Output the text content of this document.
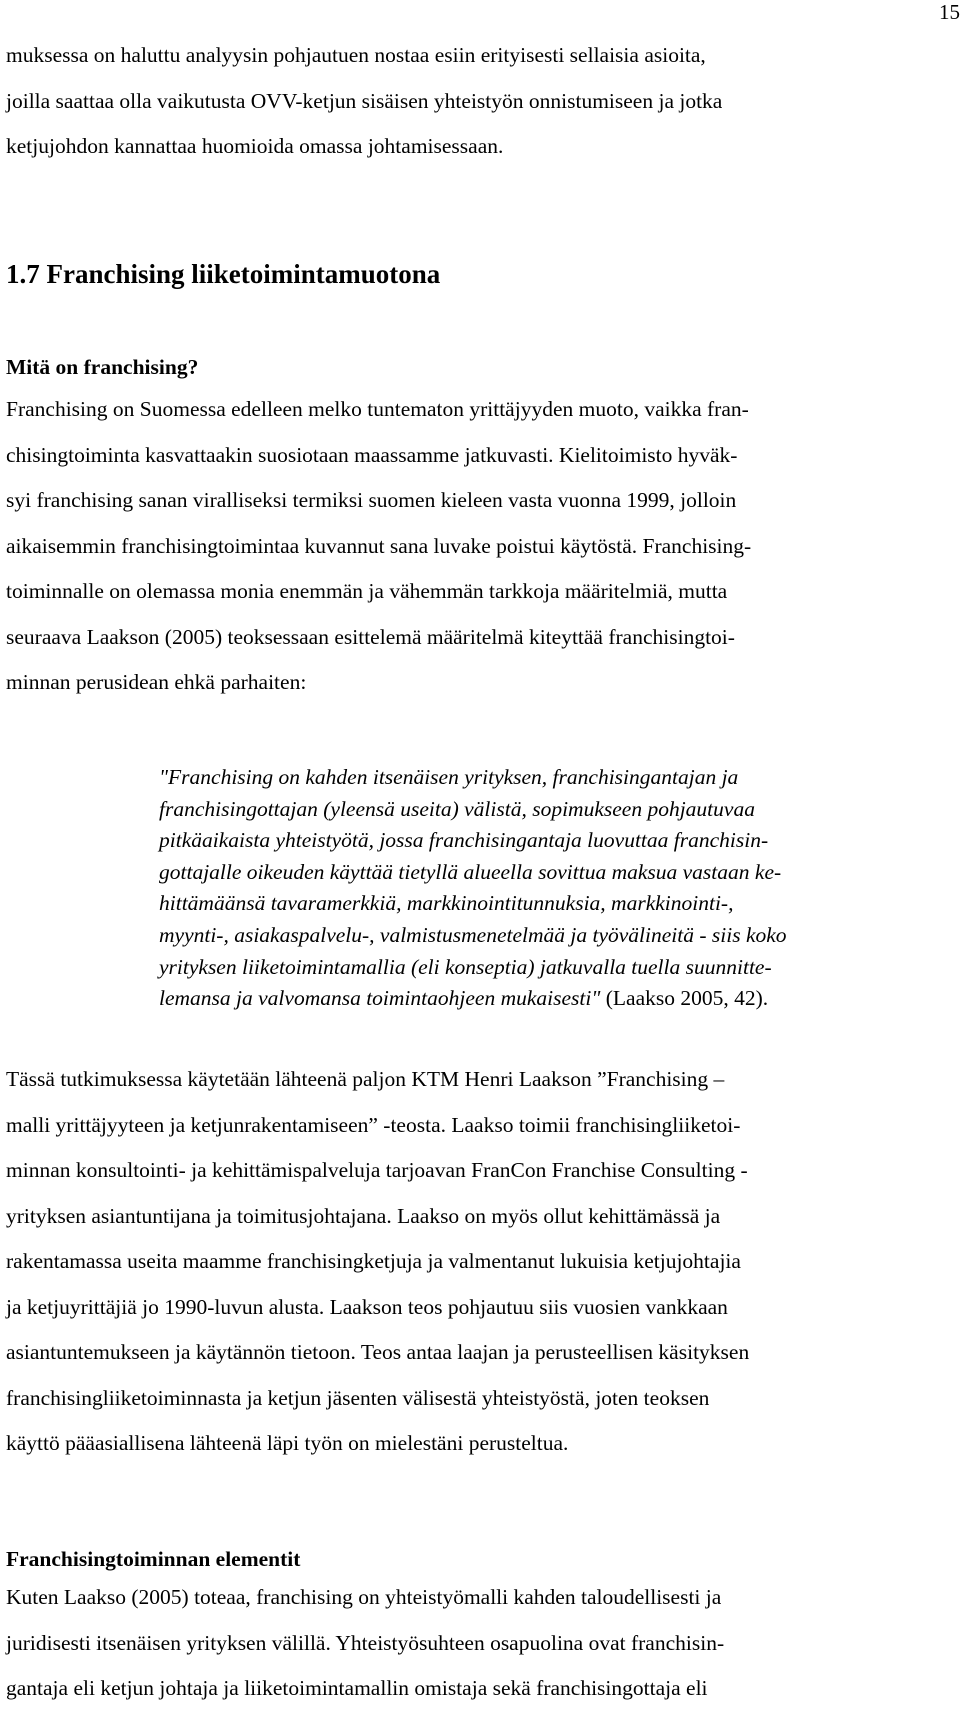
15

muksessa on haluttu analyysin pohjautuen nostaa esiin erityisesti sellaisia asioita,
joilla saattaa olla vaikutusta OVV-ketjun sisäisen yhteistyön onnistumiseen ja jotka
ketjujohdon kannattaa huomioida omassa johtamisessaan.

1.7 Franchising liiketoimintamuotona
Mitä on franchising?

Franchising on Suomessa edelleen melko tuntematon yrittäjyyden muoto, vaikka fran-
chisingtoiminta kasvattaakin suosiotaan maassamme jatkuvasti. Kielitoimisto hyväk-
syi franchising sanan viralliseksi termiksi suomen kieleen vasta vuonna 1999, jolloin
aikaisemmin franchisingtoimintaa kuvannut sana luvake poistui käytöstä. Franchising-
toiminnalle on olemassa monia enemmän ja vähemmän tarkkoja määritelmiä, mutta
seuraava Laakson (2005) teoksessaan esittelemä määritelmä kiteyttää franchisingtoi-
minnan perusidean ehkä parhaiten:

"Franchising on kahden itsenäisen yrityksen, franchisingantajan ja
franchisingottajan (yleensä useita) välistä, sopimukseen pohjautuvaa
pitkäaikaista yhteistyötä, jossa franchisingantaja luovuttaa franchisin-
gottajalle oikeuden käyttää tietyllä alueella sovittua maksua vastaan ke-
hittämäänsä tavaramerkkiä, markkinointitunnuksia, markkinointi-,
myynti-, asiakaspalvelu-, valmistusmenetelmää ja työvälineitä - siis koko
yrityksen liiketoimintamallia (eli konseptia) jatkuvalla tuella suunnitte-
lemansa ja valvomansa toimintaohjeen mukaisesti" (Laakso 2005, 42).

Tässä tutkimuksessa käytetään lähteenä paljon KTM Henri Laakson ”Franchising –
malli yrittäjyyteen ja ketjunrakentamiseen” -teosta. Laakso toimii franchisingliiketoi-
minnan konsultointi- ja kehittämispalveluja tarjoavan FranCon Franchise Consulting -
yrityksen asiantuntijana ja toimitusjohtajana. Laakso on myös ollut kehittämässä ja
rakentamassa useita maamme franchisingketjuja ja valmentanut lukuisia ketjujohtajia
ja ketjuyrittäjiä jo 1990-luvun alusta. Laakson teos pohjautuu siis vuosien vankkaan
asiantuntemukseen ja käytännön tietoon. Teos antaa laajan ja perusteellisen käsityksen
franchisingliiketoiminnasta ja ketjun jäsenten välisestä yhteistyöstä, joten teoksen
käyttö pääasiallisena lähteenä läpi työn on mielestäni perusteltua.

Franchisingtoiminnan elementit

Kuten Laakso (2005) toteaa, franchising on yhteistyömalli kahden taloudellisesti ja
juridisesti itsenäisen yrityksen välillä. Yhteistyösuhteen osapuolina ovat franchisin-
gantaja eli ketjun johtaja ja liiketoimintamallin omistaja sekä franchisingottaja eli
